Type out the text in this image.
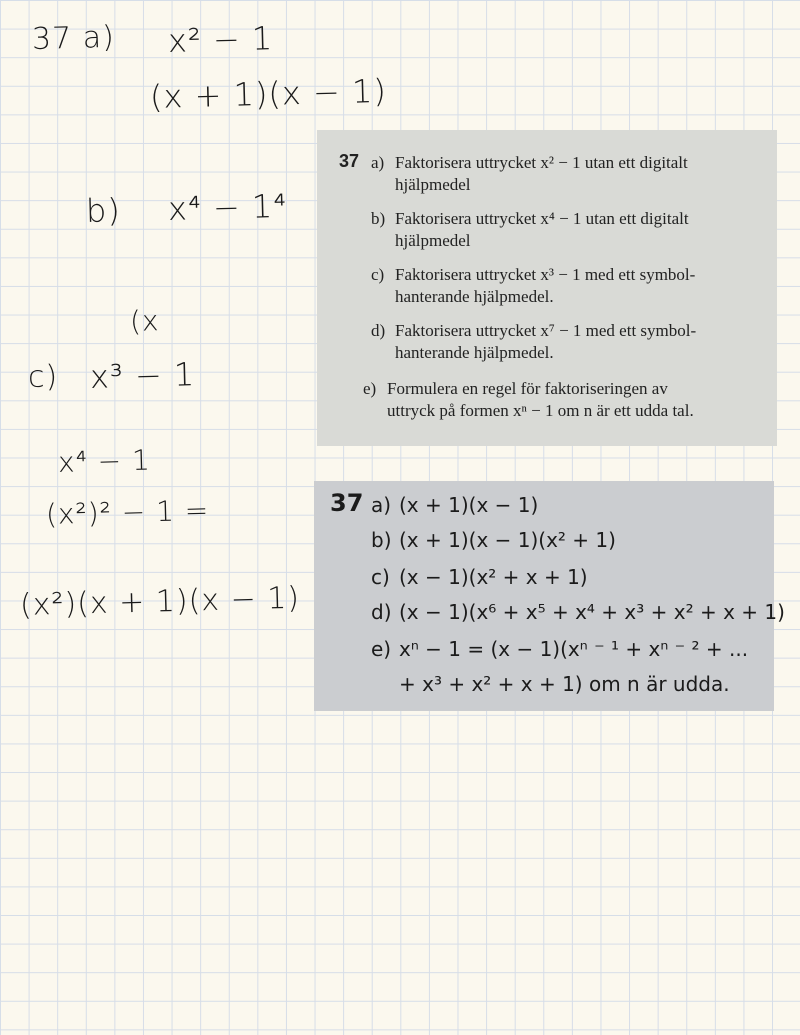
37 a) x² − 1

(x + 1)(x − 1)

b) x⁴ − 1⁴

(x

c) x³ − 1

x⁴ − 1

(x²)² − 1 =

(x²)(x + 1)(x − 1)

37 a) Faktorisera uttrycket x² − 1 utan ett digitalt
hjälpmedel
b) Faktorisera uttrycket x⁴ − 1 utan ett digitalt
hjälpmedel
c) Faktorisera uttrycket x³ − 1 med ett symbol-
hanterande hjälpmedel.
d) Faktorisera uttrycket x⁷ − 1 med ett symbol-
hanterande hjälpmedel.
e) Formulera en regel för faktoriseringen av
uttryck på formen xⁿ − 1 om n är ett udda tal.
37 a) (x + 1)(x − 1)
b) (x + 1)(x − 1)(x² + 1)
c) (x − 1)(x² + x + 1)
d) (x − 1)(x⁶ + x⁵ + x⁴ + x³ + x² + x + 1)
e) xⁿ − 1 = (x − 1)(xⁿ ⁻ ¹ + xⁿ ⁻ ² + ...
+ x³ + x² + x + 1) om n är udda.
